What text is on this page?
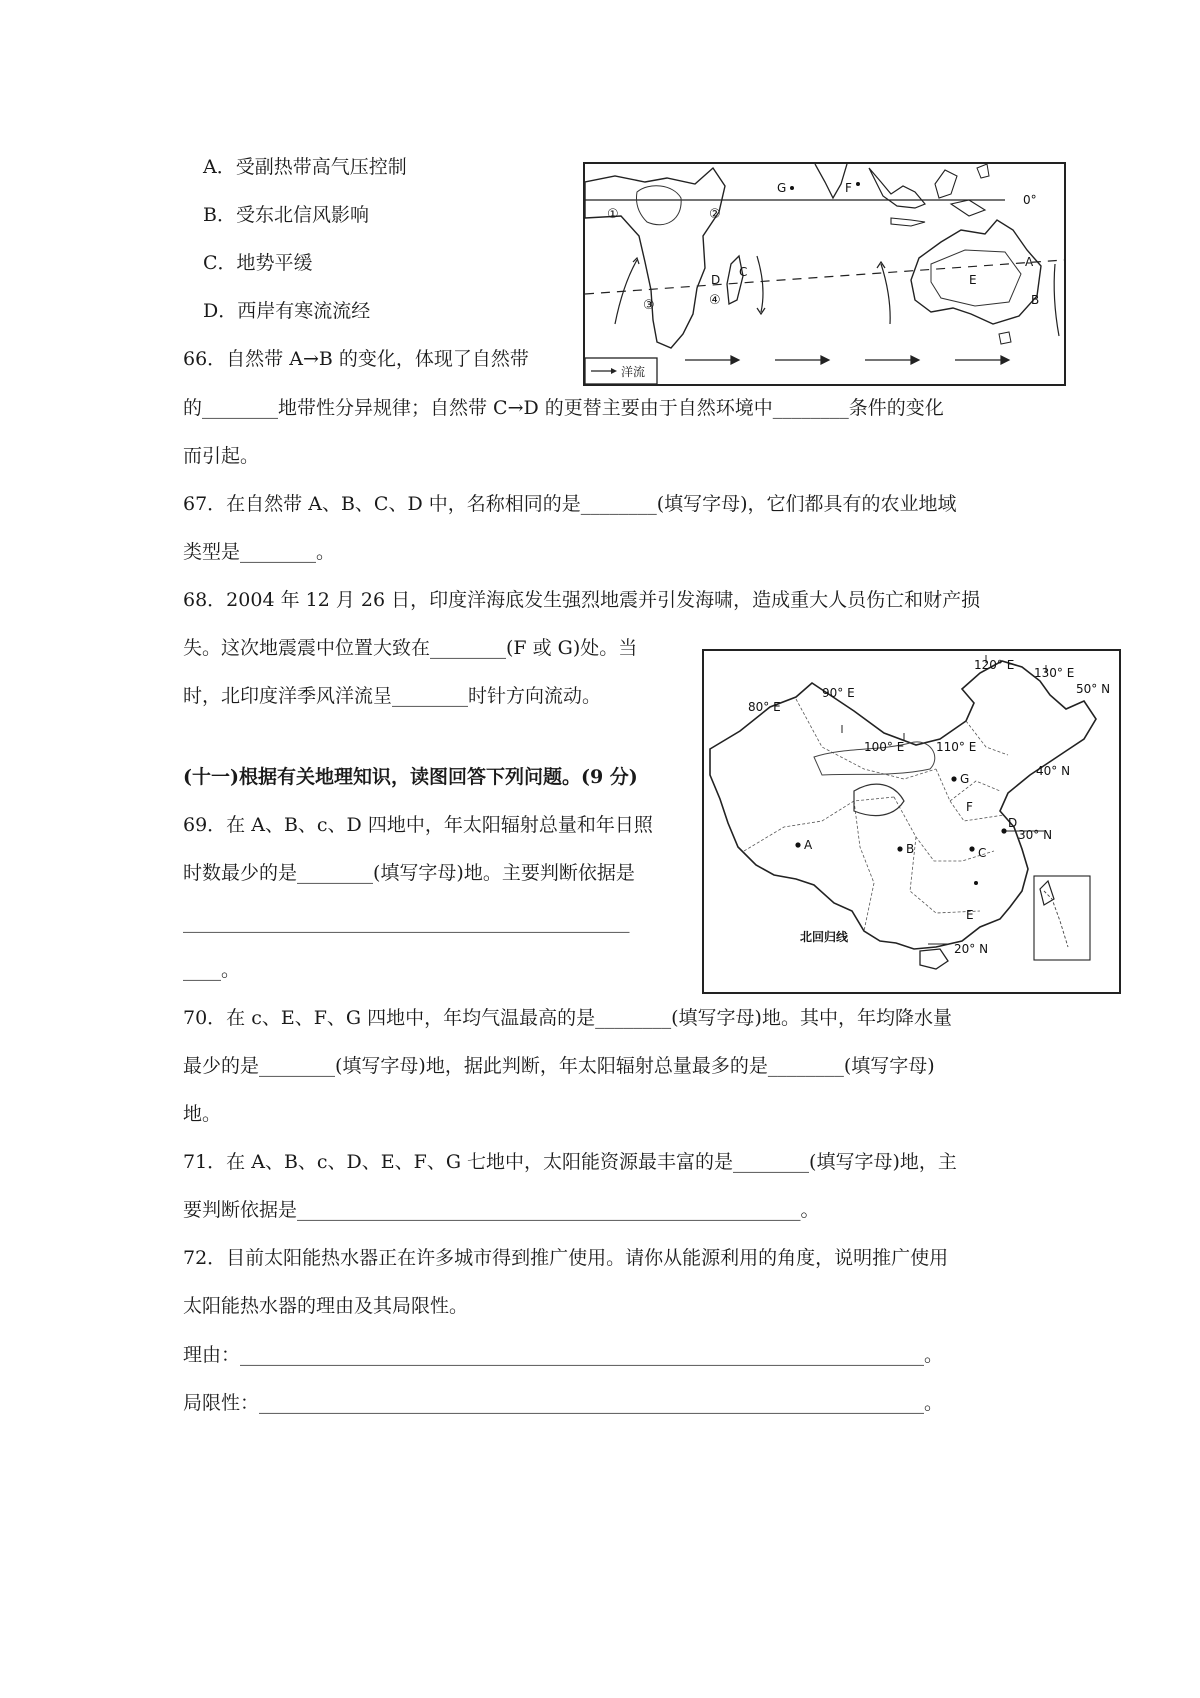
A．受副热带高气压控制
B．受东北信风影响
C．地势平缓
D．西岸有寒流流经
0°
洋流
G	F
①	②
③	④
C
D
A
B
E
66．自然带 A→B 的变化，体现了自然带
的________地带性分异规律；自然带 C→D 的更替主要由于自然环境中________条件的变化
而引起。
67．在自然带 A、B、C、D 中，名称相同的是________(填写字母)，它们都具有的农业地域
类型是________。
68．2004 年 12 月 26 日，印度洋海底发生强烈地震并引发海啸，造成重大人员伤亡和财产损
失。这次地震震中位置大致在________(F 或 G)处。当
时，北印度洋季风洋流呈________时针方向流动。
120° E
130° E
50° N
90° E
80° E
100° E	110° E
40° N
30° N
20° N
北回归线
A	B	C
D
E
F
G
(十一)根据有关地理知识，读图回答下列问题。(9 分)
69．在 A、B、c、D 四地中，年太阳辐射总量和年日照
时数最少的是________(填写字母)地。主要判断依据是
_______________________________________________
____。
70．在 c、E、F、G 四地中，年均气温最高的是________(填写字母)地。其中，年均降水量
最少的是________(填写字母)地，据此判断，年太阳辐射总量最多的是________(填写字母)
地。
71．在 A、B、c、D、E、F、G 七地中，太阳能资源最丰富的是________(填写字母)地，主
要判断依据是_____________________________________________________。
72．目前太阳能热水器正在许多城市得到推广使用。请你从能源利用的角度，说明推广使用
太阳能热水器的理由及其局限性。
理由：________________________________________________________________________。
局限性：______________________________________________________________________。
